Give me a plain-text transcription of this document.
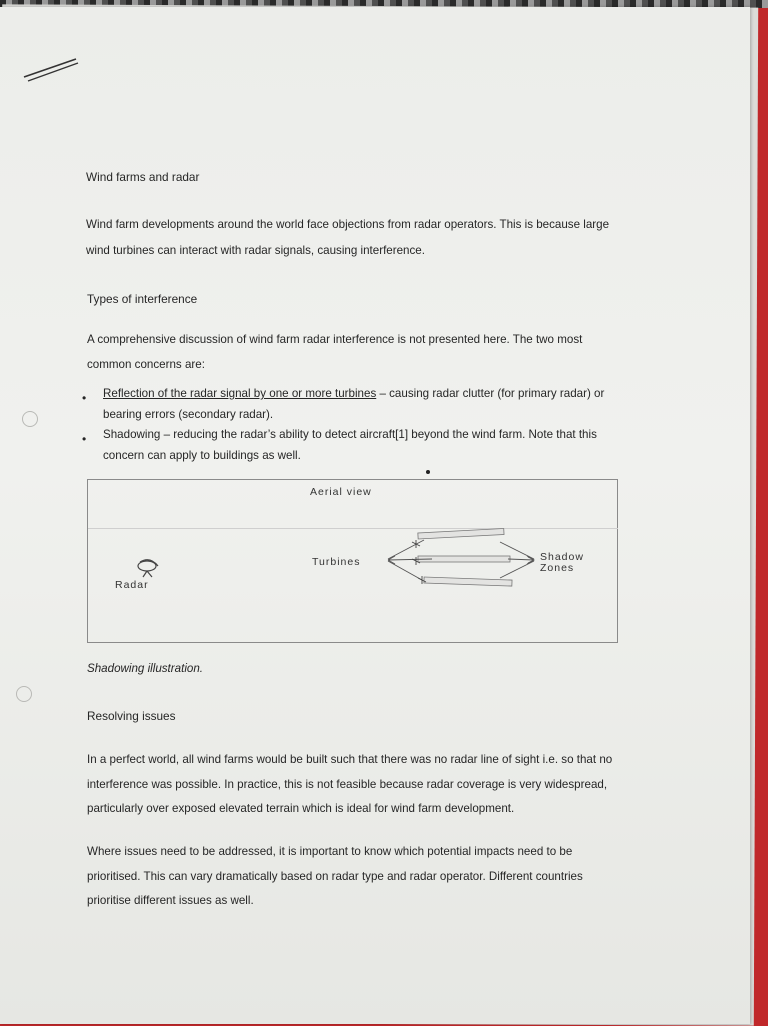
Wind farms and radar
Wind farm developments around the world face objections from radar operators. This is because large
wind turbines can interact with radar signals, causing interference.
Types of interference
A comprehensive discussion of wind farm radar interference is not presented here. The two most
common concerns are:
• Reflection of the radar signal by one or more turbines – causing radar clutter (for primary radar) or
bearing errors (secondary radar).
• Shadowing – reducing the radar’s ability to detect aircraft[1] beyond the wind farm. Note that this
concern can apply to buildings as well.
Aerial view
Turbines	Shadow
Zones
Radar
Shadowing illustration.
Resolving issues
In a perfect world, all wind farms would be built such that there was no radar line of sight i.e. so that no
interference was possible. In practice, this is not feasible because radar coverage is very widespread,
particularly over exposed elevated terrain which is ideal for wind farm development.
Where issues need to be addressed, it is important to know which potential impacts need to be
prioritised. This can vary dramatically based on radar type and radar operator. Different countries
prioritise different issues as well.
